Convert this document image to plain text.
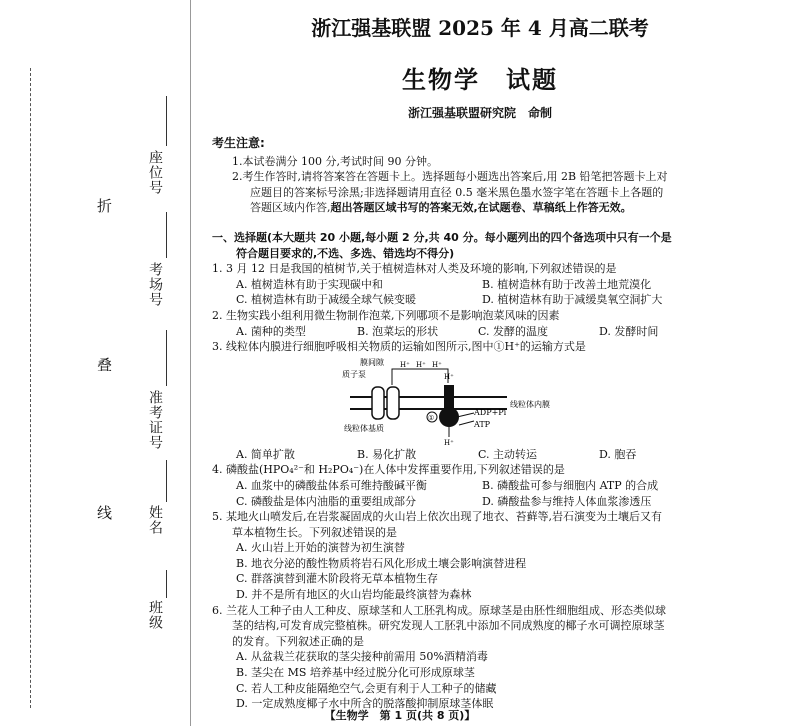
折
叠
线
座位号
考场号
准考证号
姓名
班级
浙江强基联盟 2025 年 4 月高二联考
生物学　试题
浙江强基联盟研究院　命制

考生注意:

1.本试卷满分 100 分,考试时间 90 分钟。

2.考生作答时,请将答案答在答题卡上。选择题每小题选出答案后,用 2B 铅笔把答题卡上对

应题目的答案标号涂黑;非选择题请用直径 0.5 毫米黑色墨水签字笔在答题卡上各题的

答题区域内作答,超出答题区域书写的答案无效,在试题卷、草稿纸上作答无效。

一、选择题(本大题共 20 小题,每小题 2 分,共 40 分。每小题列出的四个备选项中只有一个是

符合题目要求的,不选、多选、错选均不得分)

1. 3 月 12 日是我国的植树节,关于植树造林对人类及环境的影响,下列叙述错误的是

A. 植树造林有助于实现碳中和	B. 植树造林有助于改善土地荒漠化
C. 植树造林有助于减缓全球气候变暖	D. 植树造林有助于减缓臭氧空洞扩大

2. 生物实践小组利用微生物制作泡菜,下列哪项不是影响泡菜风味的因素

A. 菌种的类型	B. 泡菜坛的形状	C. 发酵的温度	D. 发酵时间

3. 线粒体内膜进行细胞呼吸相关物质的运输如图所示,图中①H⁺的运输方式是

膜间隙
质子泵
线粒体基质
线粒体内膜
ADP+Pi
ATP
H⁺ H⁺ H⁺
H⁺
H⁺
①
A. 简单扩散	B. 易化扩散	C. 主动转运	D. 胞吞

4. 磷酸盐(HPO₄²⁻和 H₂PO₄⁻)在人体中发挥重要作用,下列叙述错误的是

A. 血浆中的磷酸盐体系可维持酸碱平衡	B. 磷酸盐可参与细胞内 ATP 的合成
C. 磷酸盐是体内油脂的重要组成部分	D. 磷酸盐参与维持人体血浆渗透压

5. 某地火山喷发后,在岩浆凝固成的火山岩上依次出现了地衣、苔藓等,岩石演变为土壤后又有

草本植物生长。下列叙述错误的是

A. 火山岩上开始的演替为初生演替

B. 地衣分泌的酸性物质将岩石风化形成土壤会影响演替进程

C. 群落演替到灌木阶段将无草本植物生存

D. 并不是所有地区的火山岩均能最终演替为森林

6. 兰花人工种子由人工种皮、原球茎和人工胚乳构成。原球茎是由胚性细胞组成、形态类似球

茎的结构,可发育成完整植株。研究发现人工胚乳中添加不同成熟度的椰子水可调控原球茎

的发育。下列叙述正确的是

A. 从盆栽兰花获取的茎尖接种前需用 50%酒精消毒

B. 茎尖在 MS 培养基中经过脱分化可形成原球茎

C. 若人工种皮能隔绝空气,会更有利于人工种子的储藏

D. 一定成熟度椰子水中所含的脱落酸抑制原球茎体眠

【生物学　第 1 页(共 8 页)】
